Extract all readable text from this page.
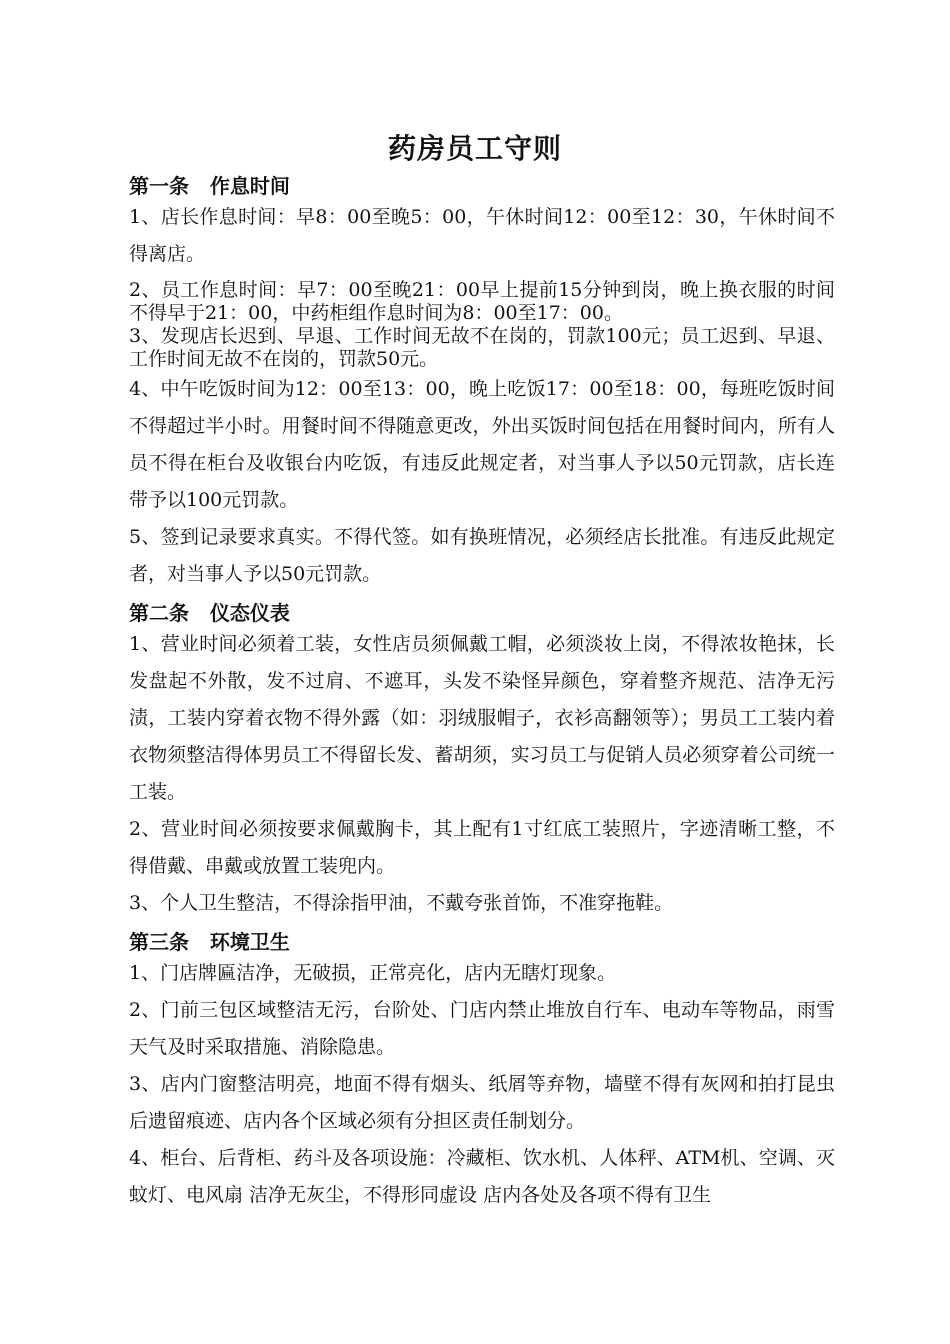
药房员工守则
第一条   作息时间

1、店长作息时间：早8：00至晚5：00，午休时间12：00至12：30，午休时间不得离店。

2、员工作息时间：早7：00至晚21：00早上提前15分钟到岗，晚上换衣服的时间不得早于21：00，中药柜组作息时间为8：00至17：00。

3、发现店长迟到、早退、工作时间无故不在岗的，罚款100元；员工迟到、早退、工作时间无故不在岗的，罚款50元。

4、中午吃饭时间为12：00至13：00，晚上吃饭17：00至18：00，每班吃饭时间不得超过半小时。用餐时间不得随意更改，外出买饭时间包括在用餐时间内，所有人员不得在柜台及收银台内吃饭，有违反此规定者，对当事人予以50元罚款，店长连带予以100元罚款。

5、签到记录要求真实。不得代签。如有换班情况，必须经店长批准。有违反此规定者，对当事人予以50元罚款。

第二条   仪态仪表

1、营业时间必须着工装，女性店员须佩戴工帽，必须淡妆上岗，不得浓妆艳抹，长发盘起不外散，发不过肩、不遮耳，头发不染怪异颜色，穿着整齐规范、洁净无污渍，工装内穿着衣物不得外露（如：羽绒服帽子，衣衫高翻领等）；男员工工装内着衣物须整洁得体男员工不得留长发、蓄胡须，实习员工与促销人员必须穿着公司统一工装。

2、营业时间必须按要求佩戴胸卡，其上配有1寸红底工装照片，字迹清晰工整，不得借戴、串戴或放置工装兜内。

3、个人卫生整洁，不得涂指甲油，不戴夸张首饰，不准穿拖鞋。

第三条   环境卫生

1、门店牌匾洁净，无破损，正常亮化，店内无瞎灯现象。

2、门前三包区域整洁无污，台阶处、门店内禁止堆放自行车、电动车等物品，雨雪天气及时采取措施、消除隐患。

3、店内门窗整洁明亮，地面不得有烟头、纸屑等弃物，墙壁不得有灰网和拍打昆虫后遗留痕迹、店内各个区域必须有分担区责任制划分。

4、柜台、后背柜、药斗及各项设施：冷藏柜、饮水机、人体秤、ATM机、空调、灭蚊灯、电风扇 洁净无灰尘，不得形同虚设 店内各处及各项不得有卫生
